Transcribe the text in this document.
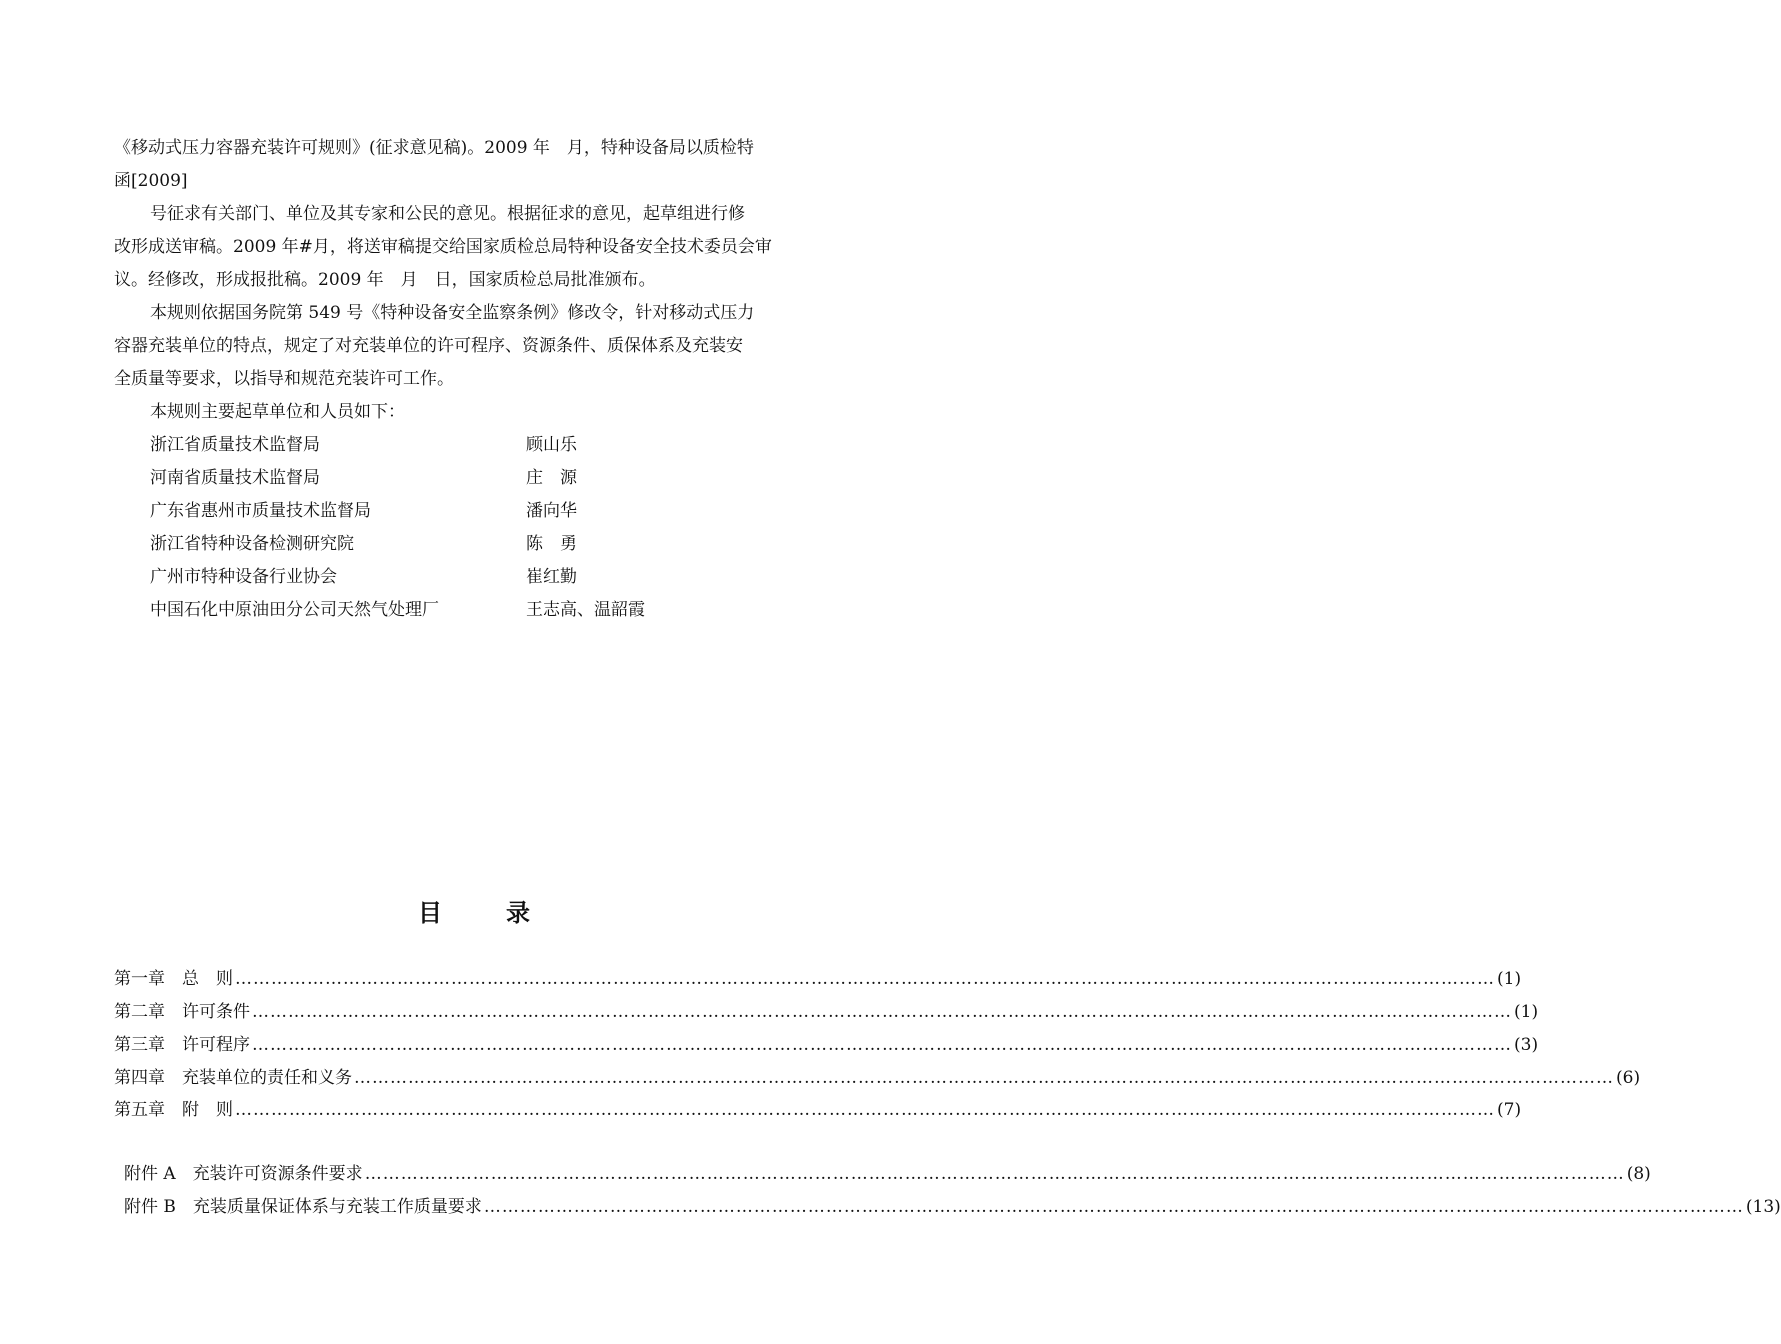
《移动式压力容器充装许可规则》(征求意见稿)。2009 年　月，特种设备局以质检特
函[2009]
号征求有关部门、单位及其专家和公民的意见。根据征求的意见，起草组进行修
改形成送审稿。2009 年#月，将送审稿提交给国家质检总局特种设备安全技术委员会审
议。经修改，形成报批稿。2009 年　月　日，国家质检总局批准颁布。
本规则依据国务院第 549 号《特种设备安全监察条例》修改令，针对移动式压力
容器充装单位的特点，规定了对充装单位的许可程序、资源条件、质保体系及充装安
全质量等要求，以指导和规范充装许可工作。
本规则主要起草单位和人员如下：
浙江省质量技术监督局	顾山乐
河南省质量技术监督局	庄　源
广东省惠州市质量技术监督局	潘向华
浙江省特种设备检测研究院	陈　勇
广州市特种设备行业协会	崔红勤
中国石化中原油田分公司天然气处理厂	王志高、温韶霞
目	录
第一章　总　则 ………………………………………………………………………………………………………………………………………………………………………………………… (1)
第二章　许可条件 ………………………………………………………………………………………………………………………………………………………………………………………… (1)
第三章　许可程序 ………………………………………………………………………………………………………………………………………………………………………………………… (3)
第四章　充装单位的责任和义务 ………………………………………………………………………………………………………………………………………………………………………………………… (6)
第五章　附　则 ………………………………………………………………………………………………………………………………………………………………………………………… (7)
附件 A　充装许可资源条件要求 ………………………………………………………………………………………………………………………………………………………………………………………… (8)
附件 B　充装质量保证体系与充装工作质量要求 ………………………………………………………………………………………………………………………………………………………………………………………… (13)
